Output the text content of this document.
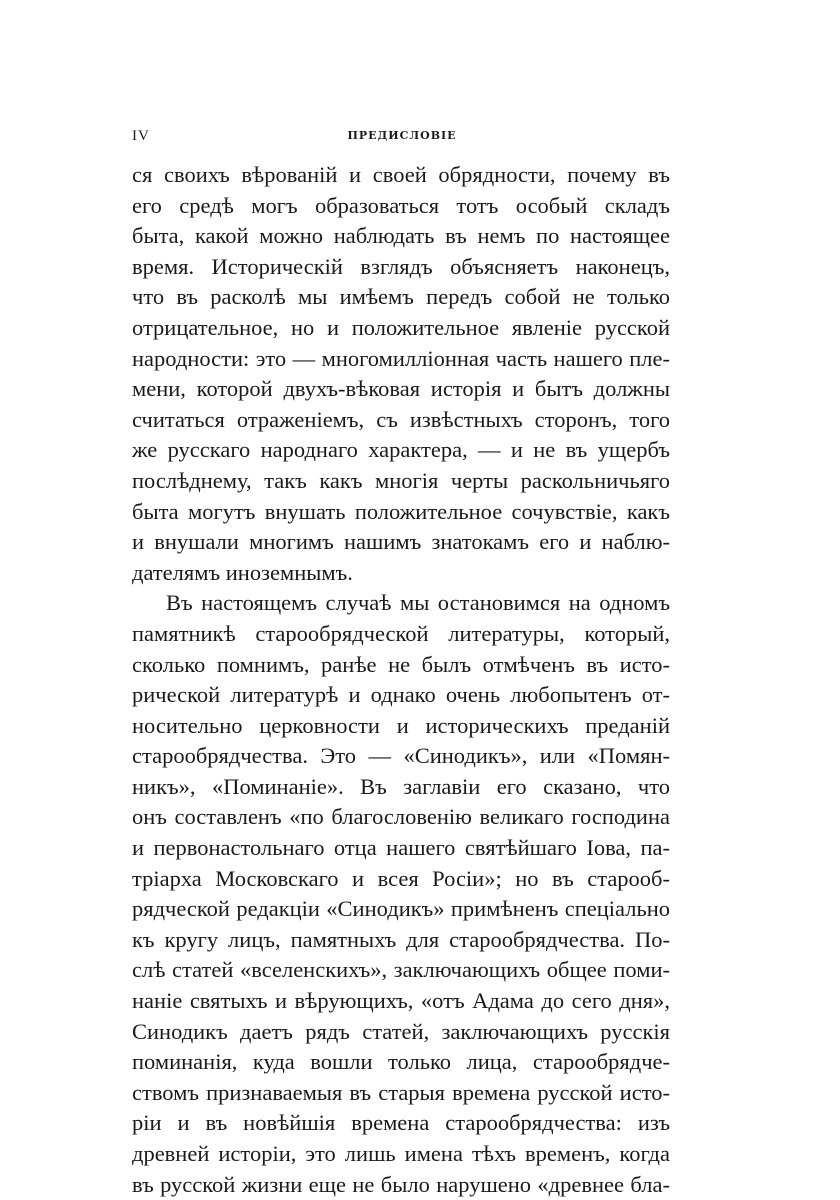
IV	ПРЕДИСЛОВІЕ
ся своихъ вѣрованій и своей обрядности, почему въ
его средѣ могъ образоваться тотъ особый складъ
быта, какой можно наблюдать въ немъ по настоящее
время. Историческій взглядъ объясняетъ наконецъ,
что въ расколѣ мы имѣемъ передъ собой не только
отрицательное, но и положительное явленіе русской
народности: это — многомилліонная часть нашего пле-
мени, которой двухъ-вѣковая исторія и бытъ должны
считаться отраженіемъ, съ извѣстныхъ сторонъ, того
же русскаго народнаго характера, — и не въ ущербъ
послѣднему, такъ какъ многія черты раскольничьяго
быта могутъ внушать положительное сочувствіе, какъ
и внушали многимъ нашимъ знатокамъ его и наблю-
дателямъ иноземнымъ.
Въ настоящемъ случаѣ мы остановимся на одномъ
памятникѣ старообрядческой литературы, который,
сколько помнимъ, ранѣе не былъ отмѣченъ въ исто-
рической литературѣ и однако очень любопытенъ от-
носительно церковности и историческихъ преданій
старообрядчества. Это — «Синодикъ», или «Помян-
никъ», «Поминаніе». Въ заглавіи его сказано, что
онъ составленъ «по благословенію великаго господина
и первонастольнаго отца нашего святѣйшаго Іова, па-
тріарха Московскаго и всея Росіи»; но въ старооб-
рядческой редакціи «Синодикъ» примѣненъ спеціально
къ кругу лицъ, памятныхъ для старообрядчества. По-
слѣ статей «вселенскихъ», заключающихъ общее поми-
наніе святыхъ и вѣрующихъ, «отъ Адама до сего дня»,
Синодикъ даетъ рядъ статей, заключающихъ русскія
поминанія, куда вошли только лица, старообрядче-
ствомъ признаваемыя въ старыя времена русской исто-
ріи и въ новѣйшія времена старообрядчества: изъ
древней исторіи, это лишь имена тѣхъ временъ, когда
въ русской жизни еще не было нарушено «древнее бла-
